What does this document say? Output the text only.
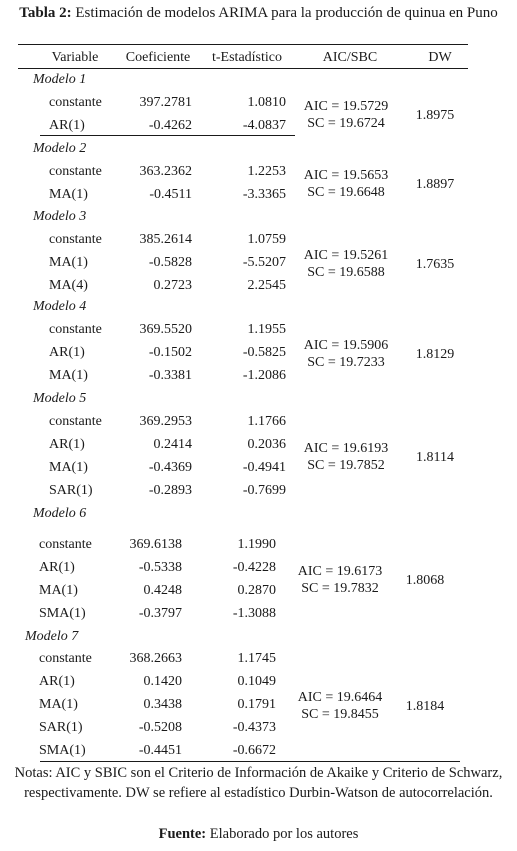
Tabla 2: Estimación de modelos ARIMA para la producción de quinua en Puno
Variable	Coeficiente	t-Estadístico	AIC/SBC	DW
Modelo 1
constante	397.2781	1.0810
AR(1)	-0.4262	-4.0837
AIC = 19.5729
SC = 19.6724
1.8975
Modelo 2
constante	363.2362	1.2253
MA(1)	-0.4511	-3.3365
AIC = 19.5653
SC = 19.6648
1.8897
Modelo 3
constante	385.2614	1.0759
MA(1)	-0.5828	-5.5207
MA(4)	0.2723	2.2545
AIC = 19.5261
SC = 19.6588
1.7635
Modelo 4
constante	369.5520	1.1955
AR(1)	-0.1502	-0.5825
MA(1)	-0.3381	-1.2086
AIC = 19.5906
SC = 19.7233
1.8129
Modelo 5
constante	369.2953	1.1766
AR(1)	0.2414	0.2036
MA(1)	-0.4369	-0.4941
SAR(1)	-0.2893	-0.7699
AIC = 19.6193
SC = 19.7852
1.8114
Modelo 6
constante	369.6138	1.1990
AR(1)	-0.5338	-0.4228
MA(1)	0.4248	0.2870
SMA(1)	-0.3797	-1.3088
AIC = 19.6173
SC = 19.7832
1.8068
Modelo 7
constante	368.2663	1.1745
AR(1)	0.1420	0.1049
MA(1)	0.3438	0.1791
SAR(1)	-0.5208	-0.4373
SMA(1)	-0.4451	-0.6672
AIC = 19.6464
SC = 19.8455
1.8184
Notas: AIC y SBIC son el Criterio de Información de Akaike y Criterio de Schwarz, respectivamente. DW se refiere al estadístico Durbin-Watson de autocorrelación.
Fuente: Elaborado por los autores
